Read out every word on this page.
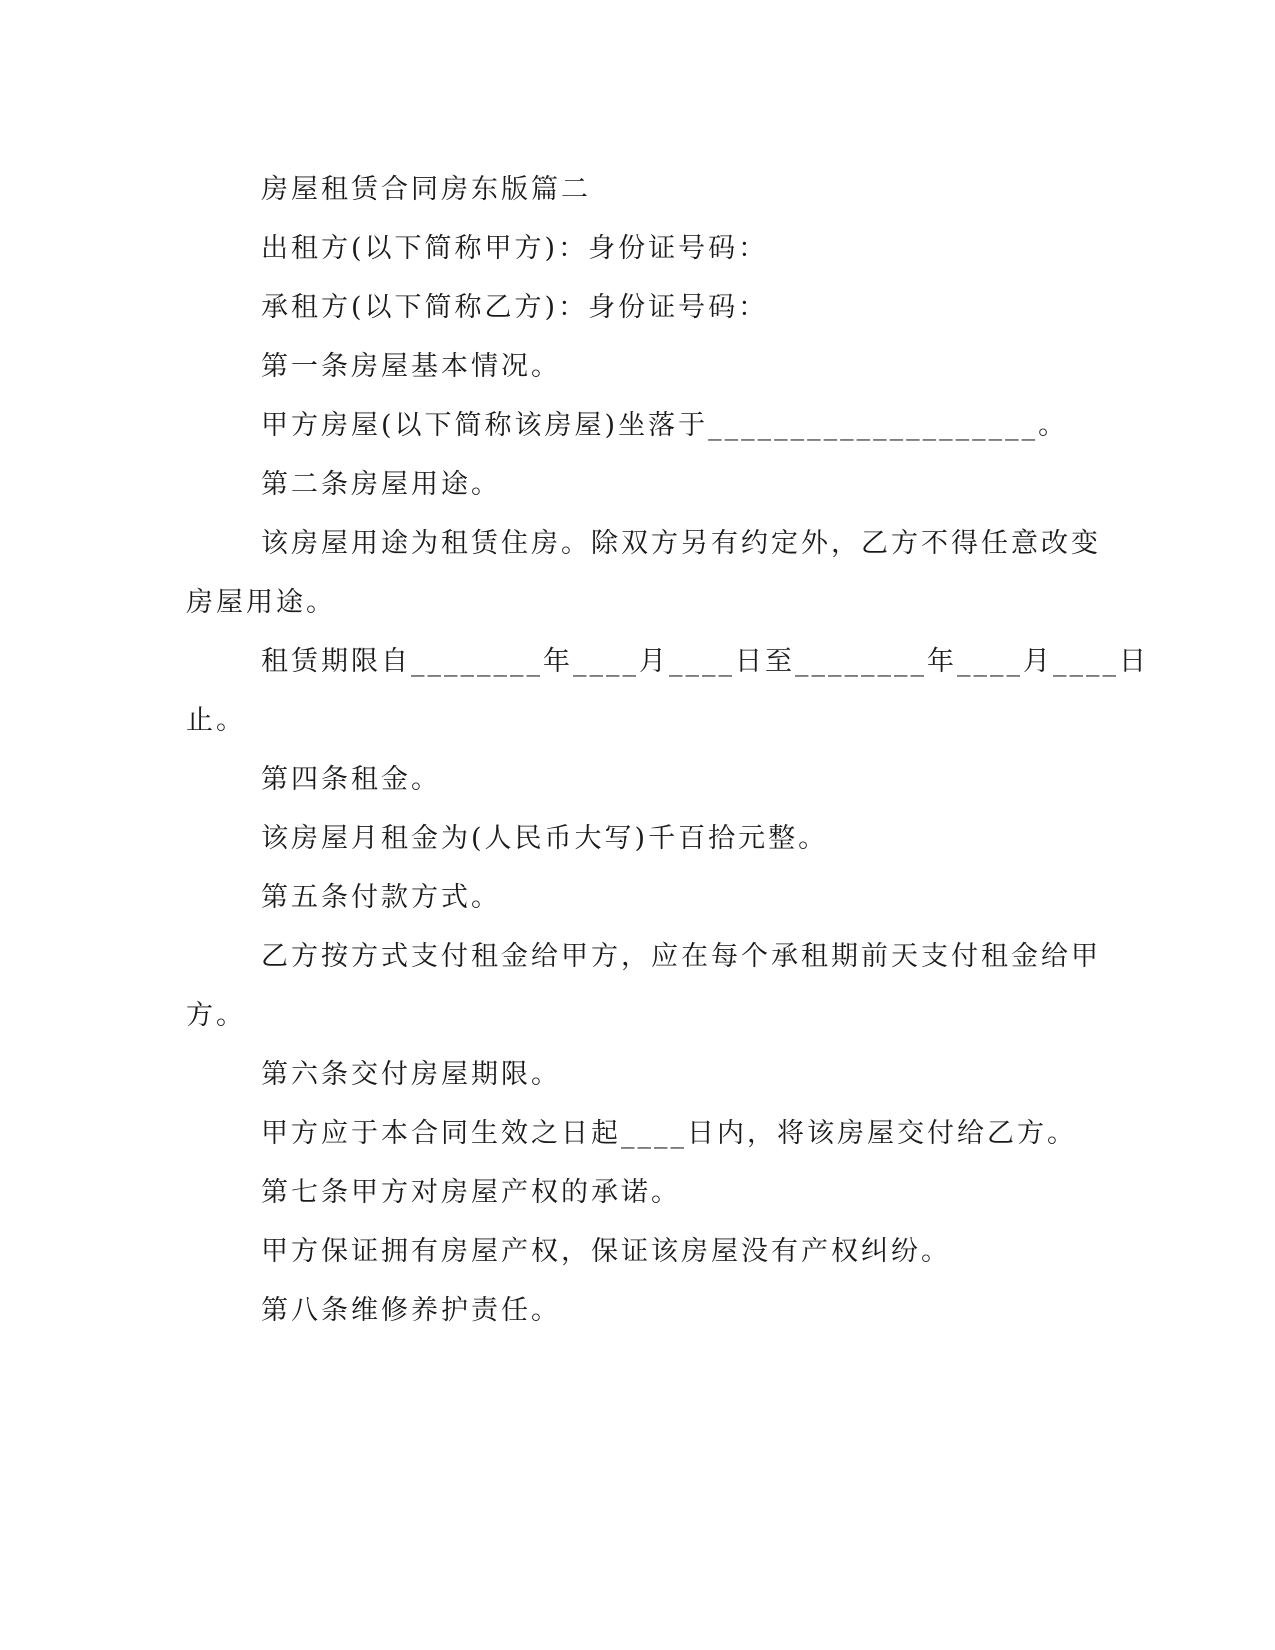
房屋租赁合同房东版篇二
出租方(以下简称甲方)：身份证号码：
承租方(以下简称乙方)：身份证号码：
第一条房屋基本情况。
甲方房屋(以下简称该房屋)坐落于____________________。
第二条房屋用途。
该房屋用途为租赁住房。除双方另有约定外，乙方不得任意改变
房屋用途。
租赁期限自________年____月____日至________年____月____日
止。
第四条租金。
该房屋月租金为(人民币大写)千百拾元整。
第五条付款方式。
乙方按方式支付租金给甲方，应在每个承租期前天支付租金给甲
方。
第六条交付房屋期限。
甲方应于本合同生效之日起____日内，将该房屋交付给乙方。
第七条甲方对房屋产权的承诺。
甲方保证拥有房屋产权，保证该房屋没有产权纠纷。
第八条维修养护责任。
